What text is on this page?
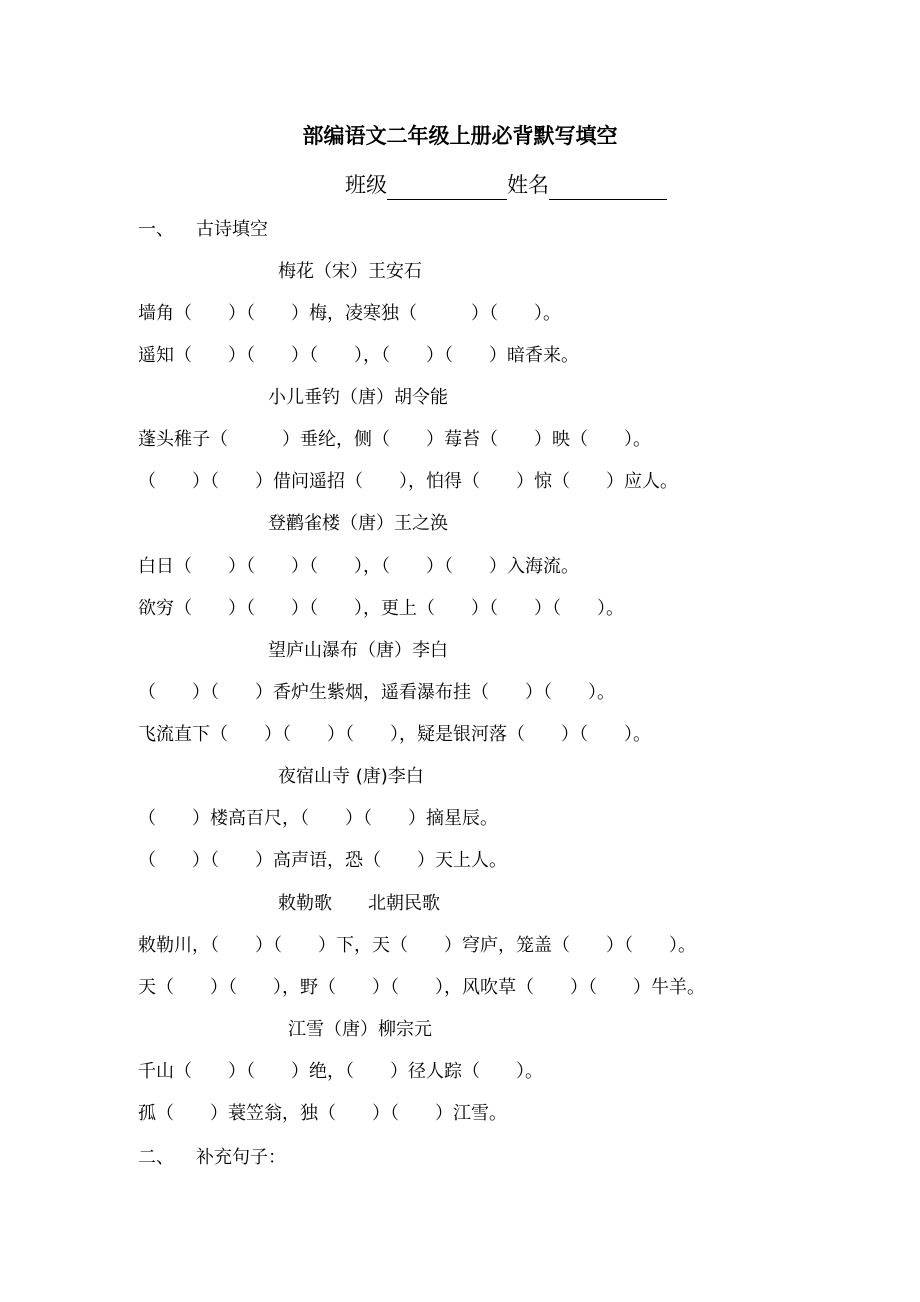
部编语文二年级上册必背默写填空
班级	姓名
一、 古诗填空
梅花（宋）王安石
墙角（　　）（　　）梅，凌寒独（　　　）（　　）。
遥知（　　）（　　）（　　），（　　）（　　）暗香来。
小儿垂钓（唐）胡令能
蓬头稚子（　　　）垂纶，侧（　　）莓苔（　　）映（　　）。
（　　）（　　）借问遥招（　　），怕得（　　）惊（　　）应人。
登鹳雀楼（唐）王之涣
白日（　　）（　　）（　　），（　　）（　　）入海流。
欲穷（　　）（　　）（　　），更上（　　）（　　）（　　）。
望庐山瀑布（唐）李白
（　　）（　　）香炉生紫烟，遥看瀑布挂（　　）（　　）。
飞流直下（　　）（　　）（　　），疑是银河落（　　）（　　）。
夜宿山寺 (唐)李白
（　　）楼高百尺，（　　）（　　）摘星辰。
（　　）（　　）高声语，恐（　　）天上人。
敕勒歌　　北朝民歌
敕勒川，（　　）（　　）下，天（　　）穹庐，笼盖（　　）（　　）。
天（　　）（　　），野（　　）（　　），风吹草（　　）（　　）牛羊。
江雪（唐）柳宗元
千山（　　）（　　）绝，（　　）径人踪（　　）。
孤（　　）蓑笠翁，独（　　）（　　）江雪。
二、 补充句子：
